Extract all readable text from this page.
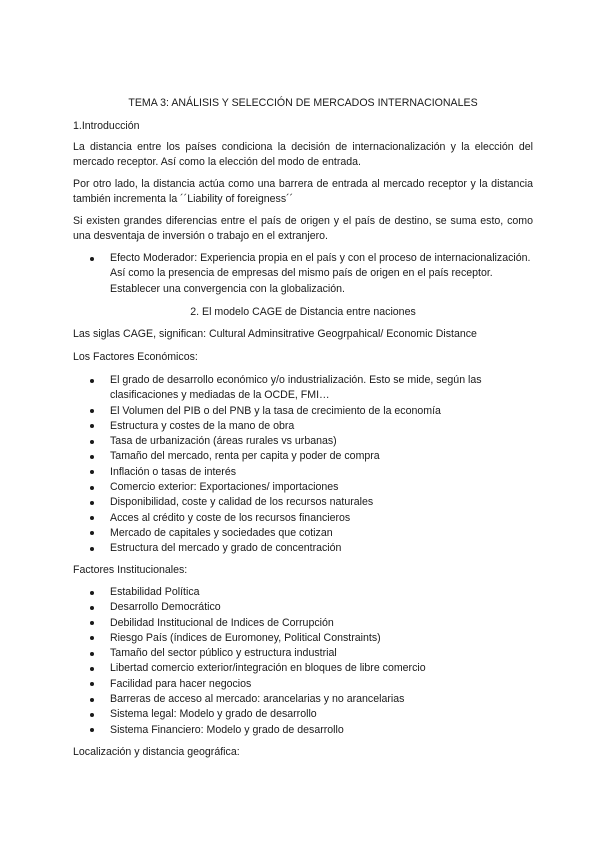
TEMA 3: ANÁLISIS Y SELECCIÓN DE MERCADOS INTERNACIONALES

1.Introducción

La distancia entre los países condiciona la decisión de internacionalización y la elección del mercado receptor. Así como la elección del modo de entrada.

Por otro lado, la distancia actúa como una barrera de entrada al mercado receptor y la distancia también incrementa la ´´Liability of foreigness´´

Si existen grandes diferencias entre el país de origen y el país de destino, se suma esto, como una desventaja de inversión o trabajo en el extranjero.

Efecto Moderador: Experiencia propia en el país y con el proceso de internacionalización. Así como la presencia de empresas del mismo país de origen en el país receptor. Establecer una convergencia con la globalización.

2. El modelo CAGE de Distancia entre naciones

Las siglas CAGE, significan: Cultural Adminsitrative Geogrpahical/ Economic Distance

Los Factores Económicos:

El grado de desarrollo económico y/o industrialización. Esto se mide, según las clasificaciones y mediadas de la OCDE, FMI…
El Volumen del PIB o del PNB y la tasa de crecimiento de la economía
Estructura y costes de la mano de obra
Tasa de urbanización (áreas rurales vs urbanas)
Tamaño del mercado, renta per capita y poder de compra
Inflación o tasas de interés
Comercio exterior: Exportaciones/ importaciones
Disponibilidad, coste y calidad de los recursos naturales
Acces al crédito y coste de los recursos financieros
Mercado de capitales y sociedades que cotizan
Estructura del mercado y grado de concentración

Factores Institucionales:

Estabilidad Política
Desarrollo Democrático
Debilidad Institucional de Indices de Corrupción
Riesgo País (índices de Euromoney, Political Constraints)
Tamaño del sector público y estructura industrial
Libertad comercio exterior/integración en bloques de libre comercio
Facilidad para hacer negocios
Barreras de acceso al mercado: arancelarias y no arancelarias
Sistema legal: Modelo y grado de desarrollo
Sistema Financiero: Modelo y grado de desarrollo

Localización y distancia geográfica:
